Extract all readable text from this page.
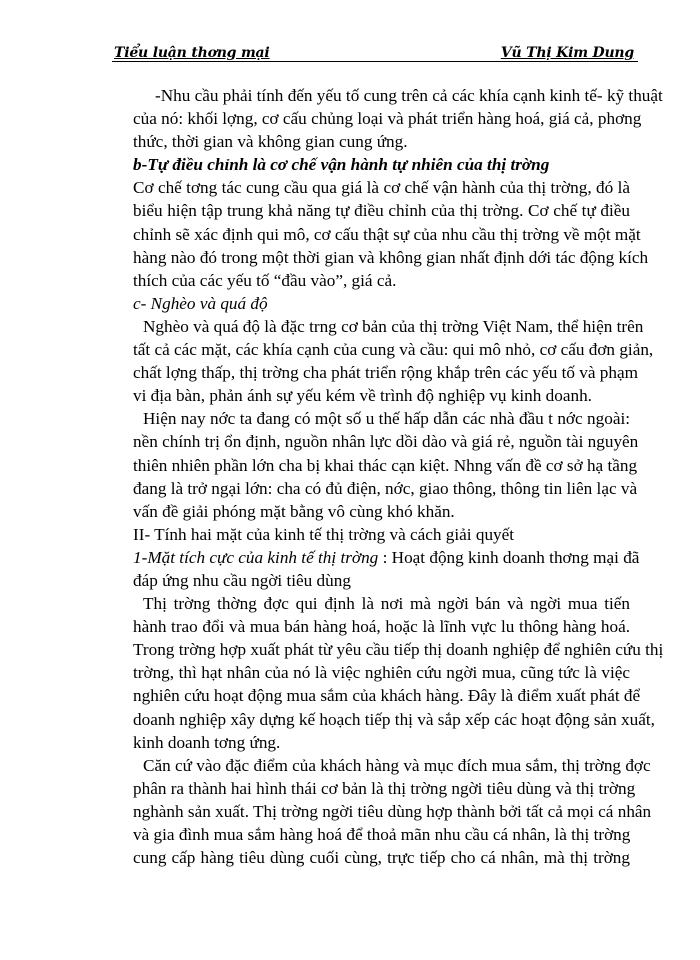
Tiểu luận thơng mại	Vũ Thị Kim Dung
-Nhu cầu phải tính đến yếu tố cung trên cả các khía cạnh kinh tế- kỹ thuật
của nó: khối lợng, cơ cấu chủng loại và phát triển hàng hoá, giá cả, phơng
thức, thời gian và không gian cung ứng.
b-Tự điều chỉnh là cơ chế vận hành tự nhiên của thị trờng
Cơ chế tơng tác cung cầu qua giá là cơ chế vận hành của thị trờng, đó là
biểu hiện tập trung khả năng tự điều chỉnh của thị trờng. Cơ chế tự điều
chỉnh sẽ xác định qui mô, cơ cấu thật sự của nhu cầu thị trờng về một mặt
hàng nào đó trong một thời gian và không gian nhất định dới tác động kích
thích của các yếu tố “đầu vào”, giá cả.
c- Nghèo và quá độ
Nghèo và quá độ là đặc trng cơ bản của thị trờng Việt Nam, thể hiện trên
tất cả các mặt, các khía cạnh của cung và cầu: qui mô nhỏ, cơ cấu đơn giản,
chất lợng thấp, thị trờng cha phát triển rộng khắp trên các yếu tố và phạm
vi địa bàn, phản ánh sự yếu kém về trình độ nghiệp vụ kinh doanh.
Hiện nay nớc ta đang có một số u thế hấp dẫn các nhà đầu t nớc ngoài:
nền chính trị ổn định, nguồn nhân lực dồi dào và giá rẻ, nguồn tài nguyên
thiên nhiên phần lớn cha bị khai thác cạn kiệt. Nhng vấn đề cơ sở hạ tầng
đang là trở ngại lớn: cha có đủ điện, nớc, giao thông, thông tin liên lạc và
vấn đề giải phóng mặt bằng vô cùng khó khăn.
II- Tính hai mặt của kinh tế thị trờng và cách giải quyết
1-Mặt tích cực của kinh tế thị trờng : Hoạt động kinh doanh thơng mại đã
đáp ứng nhu cầu ngời tiêu dùng
Thị trờng thờng đợc qui định là nơi mà ngời bán và ngời mua tiến
hành trao đổi và mua bán hàng hoá, hoặc là lĩnh vực lu thông hàng hoá.
Trong trờng hợp xuất phát từ yêu cầu tiếp thị doanh nghiệp để nghiên cứu thị
trờng, thì hạt nhân của nó là việc nghiên cứu ngời mua, cũng tức là việc
nghiên cứu hoạt động mua sắm của khách hàng. Đây là điểm xuất phát để
doanh nghiệp xây dựng kế hoạch tiếp thị và sắp xếp các hoạt động sản xuất,
kinh doanh tơng ứng.
Căn cứ vào đặc điểm của khách hàng và mục đích mua sắm, thị trờng đợc
phân ra thành hai hình thái cơ bản là thị trờng ngời tiêu dùng và thị trờng
nghành sản xuất. Thị trờng ngời tiêu dùng hợp thành bởi tất cả mọi cá nhân
và gia đình mua sắm hàng hoá để thoả mãn nhu cầu cá nhân, là thị trờng
cung cấp hàng tiêu dùng cuối cùng, trực tiếp cho cá nhân, mà thị trờng
